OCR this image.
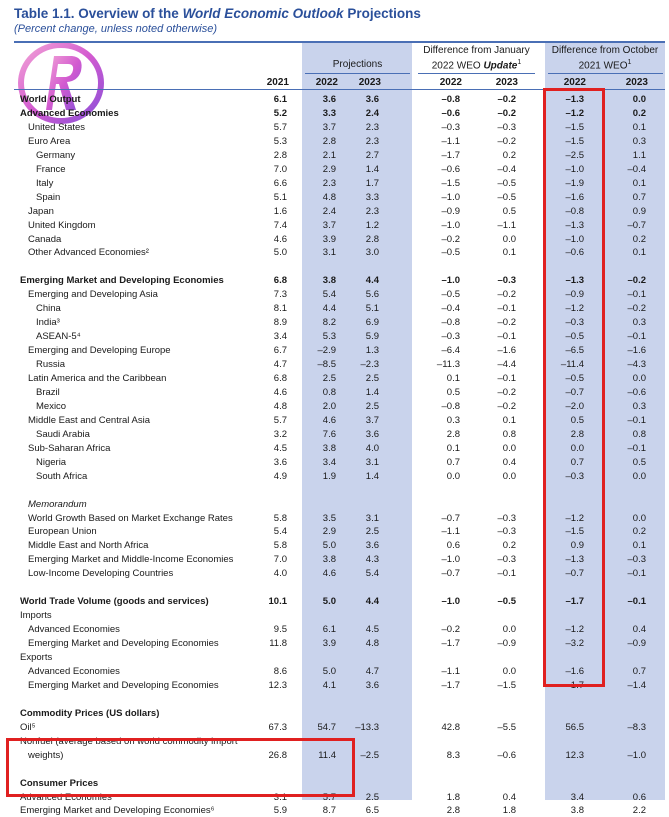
Table 1.1. Overview of the World Economic Outlook Projections
(Percent change, unless noted otherwise)
Projections
Difference from January
2022 WEO Update$^1$
Difference from October
2021 WEO$^1$
2021	2022	2023	2022	2023	2022	2023
World Output	6.1	3.6	3.6	–0.8	–0.2	–1.3	0.0
Advanced Economies	5.2	3.3	2.4	–0.6	–0.2	–1.2	0.2
United States	5.7	3.7	2.3	–0.3	–0.3	–1.5	0.1
Euro Area	5.3	2.8	2.3	–1.1	–0.2	–1.5	0.3
Germany	2.8	2.1	2.7	–1.7	0.2	–2.5	1.1
France	7.0	2.9	1.4	–0.6	–0.4	–1.0	–0.4
Italy	6.6	2.3	1.7	–1.5	–0.5	–1.9	0.1
Spain	5.1	4.8	3.3	–1.0	–0.5	–1.6	0.7
Japan	1.6	2.4	2.3	–0.9	0.5	–0.8	0.9
United Kingdom	7.4	3.7	1.2	–1.0	–1.1	–1.3	–0.7
Canada	4.6	3.9	2.8	–0.2	0.0	–1.0	0.2
Other Advanced Economies²	5.0	3.1	3.0	–0.5	0.1	–0.6	0.1
Emerging Market and Developing Economies	6.8	3.8	4.4	–1.0	–0.3	–1.3	–0.2
Emerging and Developing Asia	7.3	5.4	5.6	–0.5	–0.2	–0.9	–0.1
China	8.1	4.4	5.1	–0.4	–0.1	–1.2	–0.2
India³	8.9	8.2	6.9	–0.8	–0.2	–0.3	0.3
ASEAN-5⁴	3.4	5.3	5.9	–0.3	–0.1	–0.5	–0.1
Emerging and Developing Europe	6.7	–2.9	1.3	–6.4	–1.6	–6.5	–1.6
Russia	4.7	–8.5	–2.3	–11.3	–4.4	–11.4	–4.3
Latin America and the Caribbean	6.8	2.5	2.5	0.1	–0.1	–0.5	0.0
Brazil	4.6	0.8	1.4	0.5	–0.2	–0.7	–0.6
Mexico	4.8	2.0	2.5	–0.8	–0.2	–2.0	0.3
Middle East and Central Asia	5.7	4.6	3.7	0.3	0.1	0.5	–0.1
Saudi Arabia	3.2	7.6	3.6	2.8	0.8	2.8	0.8
Sub-Saharan Africa	4.5	3.8	4.0	0.1	0.0	0.0	–0.1
Nigeria	3.6	3.4	3.1	0.7	0.4	0.7	0.5
South Africa	4.9	1.9	1.4	0.0	0.0	–0.3	0.0
Memorandum
World Growth Based on Market Exchange Rates	5.8	3.5	3.1	–0.7	–0.3	–1.2	0.0
European Union	5.4	2.9	2.5	–1.1	–0.3	–1.5	0.2
Middle East and North Africa	5.8	5.0	3.6	0.6	0.2	0.9	0.1
Emerging Market and Middle-Income Economies	7.0	3.8	4.3	–1.0	–0.3	–1.3	–0.3
Low-Income Developing Countries	4.0	4.6	5.4	–0.7	–0.1	–0.7	–0.1
World Trade Volume (goods and services)	10.1	5.0	4.4	–1.0	–0.5	–1.7	–0.1
Imports
Advanced Economies	9.5	6.1	4.5	–0.2	0.0	–1.2	0.4
Emerging Market and Developing Economies	11.8	3.9	4.8	–1.7	–0.9	–3.2	–0.9
Exports
Advanced Economies	8.6	5.0	4.7	–1.1	0.0	–1.6	0.7
Emerging Market and Developing Economies	12.3	4.1	3.6	–1.7	–1.5	–1.7	–1.4
Commodity Prices (US dollars)
Oil⁵	67.3	54.7	–13.3	42.8	–5.5	56.5	–8.3
Nonfuel (average based on world commodity import
weights)	26.8	11.4	–2.5	8.3	–0.6	12.3	–1.0
Consumer Prices
Advanced Economies	3.1	5.7	2.5	1.8	0.4	3.4	0.6
Emerging Market and Developing Economies⁶	5.9	8.7	6.5	2.8	1.8	3.8	2.2
